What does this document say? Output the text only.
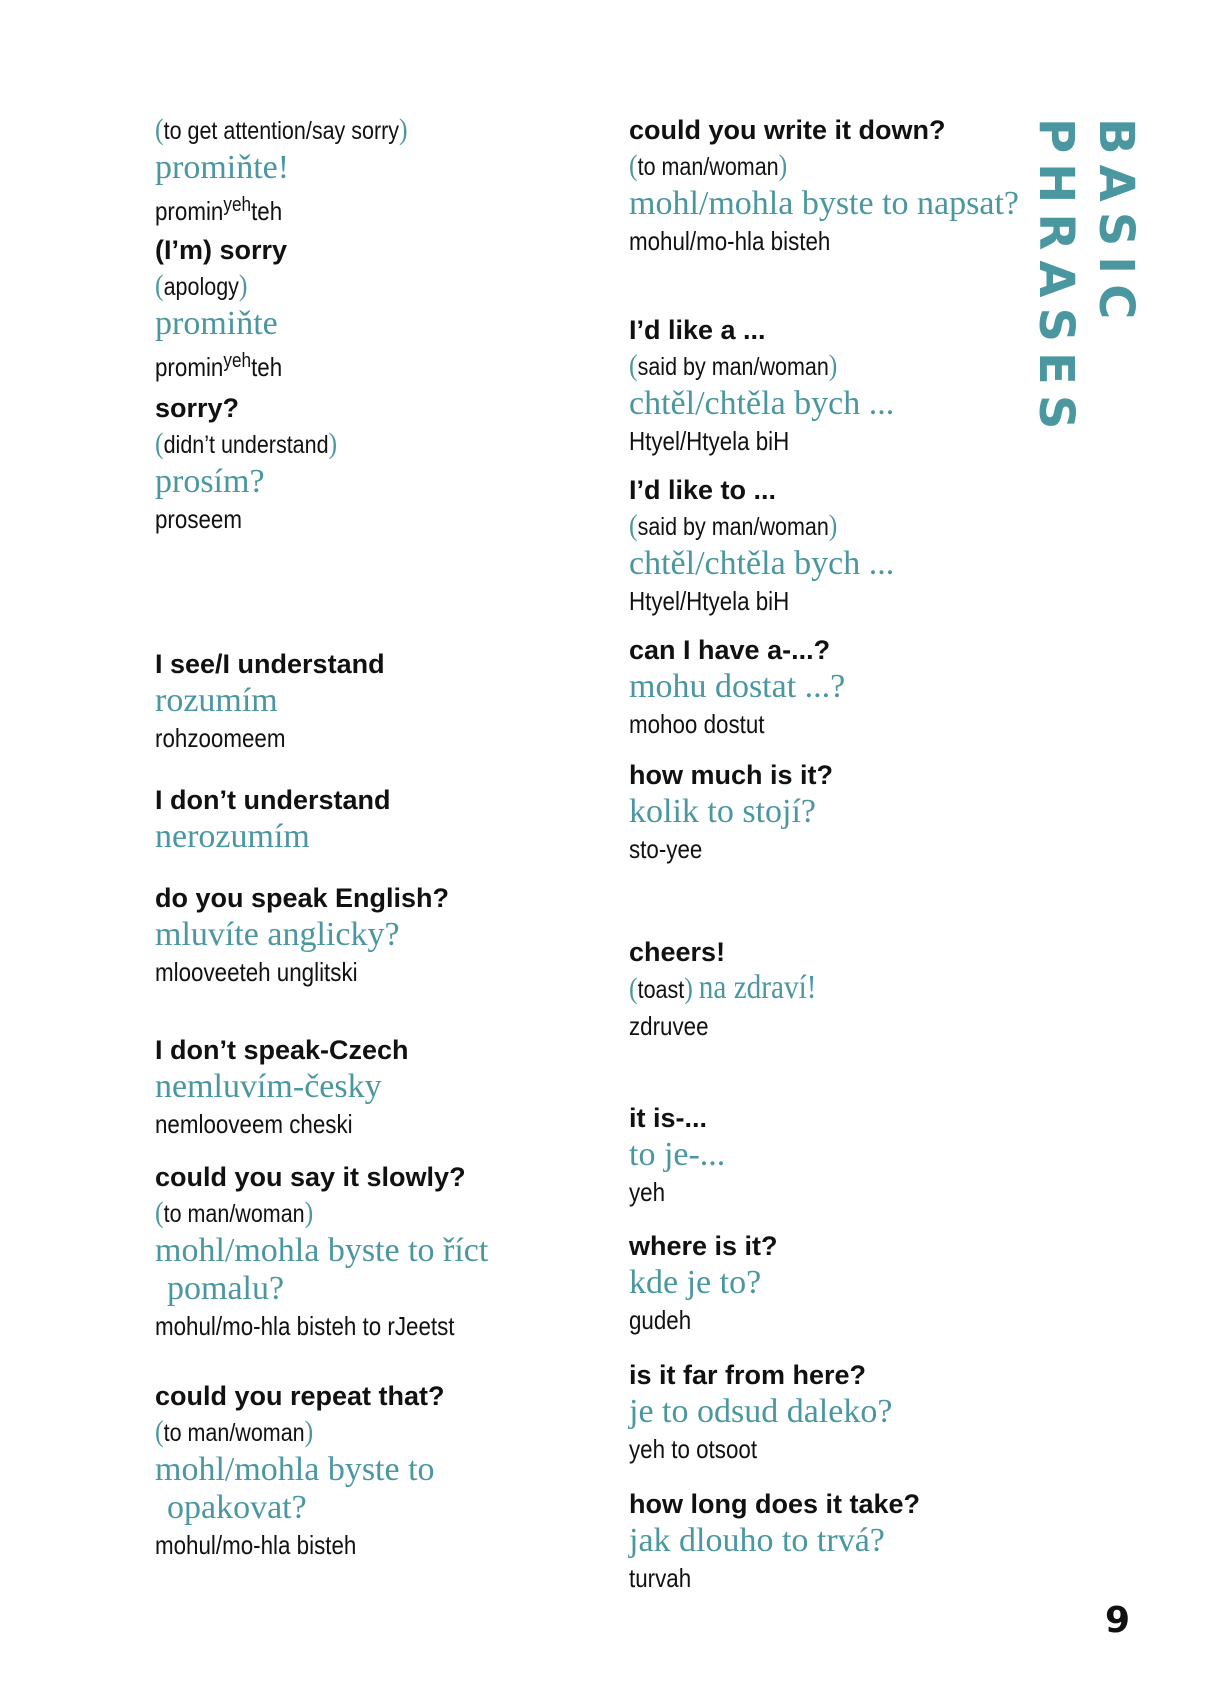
(to get attention/say sorry)
promiňte!
promin$^{yeh}$teh
(I’m) sorry
(apology)
promiňte
promin$^{yeh}$teh
sorry?
(didn’t understand)
prosím?
proseem
I see/I understand
rozumím
rohzoomeem
I don’t understand
nerozumím
do you speak English?
mluvíte anglicky?
mlooveeteh unglitski
I don’t speak-Czech
nemluvím-česky
nemlooveem cheski
could you say it slowly?
(to man/woman)
mohl/mohla byste to říct
pomalu?
mohul/mo-hla bisteh to rJeetst
could you repeat that?
(to man/woman)
mohl/mohla byste to
opakovat?
mohul/mo-hla bisteh
could you write it down?
(to man/woman)
mohl/mohla byste to napsat?
mohul/mo-hla bisteh
I’d like a ...
(said by man/woman)
chtěl/chtěla bych ...
Htyel/Htyela biH
I’d like to ...
(said by man/woman)
chtěl/chtěla bych ...
Htyel/Htyela biH
can I have a-...?
mohu dostat ...?
mohoo dostut
how much is it?
kolik to stojí?
sto-yee
cheers!
(toast) na zdraví!
zdruvee
it is-...
to je-...
yeh
where is it?
kde je to?
gudeh
is it far from here?
je to odsud daleko?
yeh to otsoot
how long does it take?
jak dlouho to trvá?
turvah
BASIC PHRASES
9
